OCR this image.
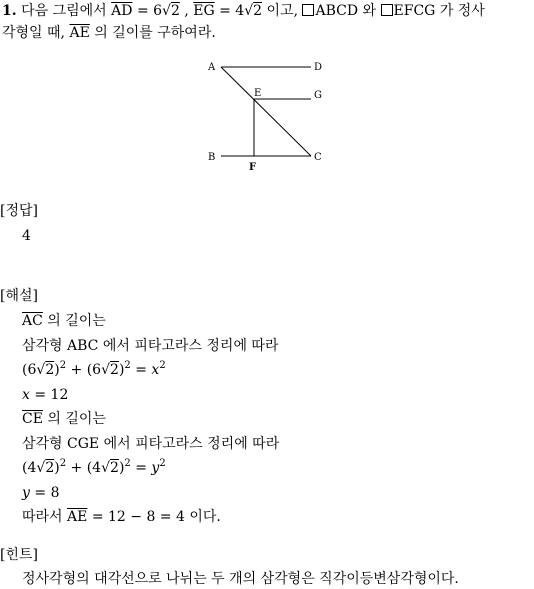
1. 다음 그림에서 $\overline{AD} = 6√2$ , $\overline{EG} = 4√2$ 이고, ABCD 와 EFCG 가 정사
각형일 때, $\overline{AE}$ 의 길이를 구하여라.
A	D
E	G
B
F
C
[정답]
4
[해설]
$\overline{AC}$ 의 길이는
삼각형 ABC 에서 피타고라스 정리에 따라
$(6√2)^2 + (6√2)^2 = x^2$
x = 12
$\overline{CE}$ 의 길이는
삼각형 CGE 에서 피타고라스 정리에 따라
$(4√2)^2 + (4√2)^2 = y^2$
y = 8
따라서 $\overline{AE} = 12 - 8 = 4$ 이다.
[힌트]
정사각형의 대각선으로 나뉘는 두 개의 삼각형은 직각이등변삼각형이다.
